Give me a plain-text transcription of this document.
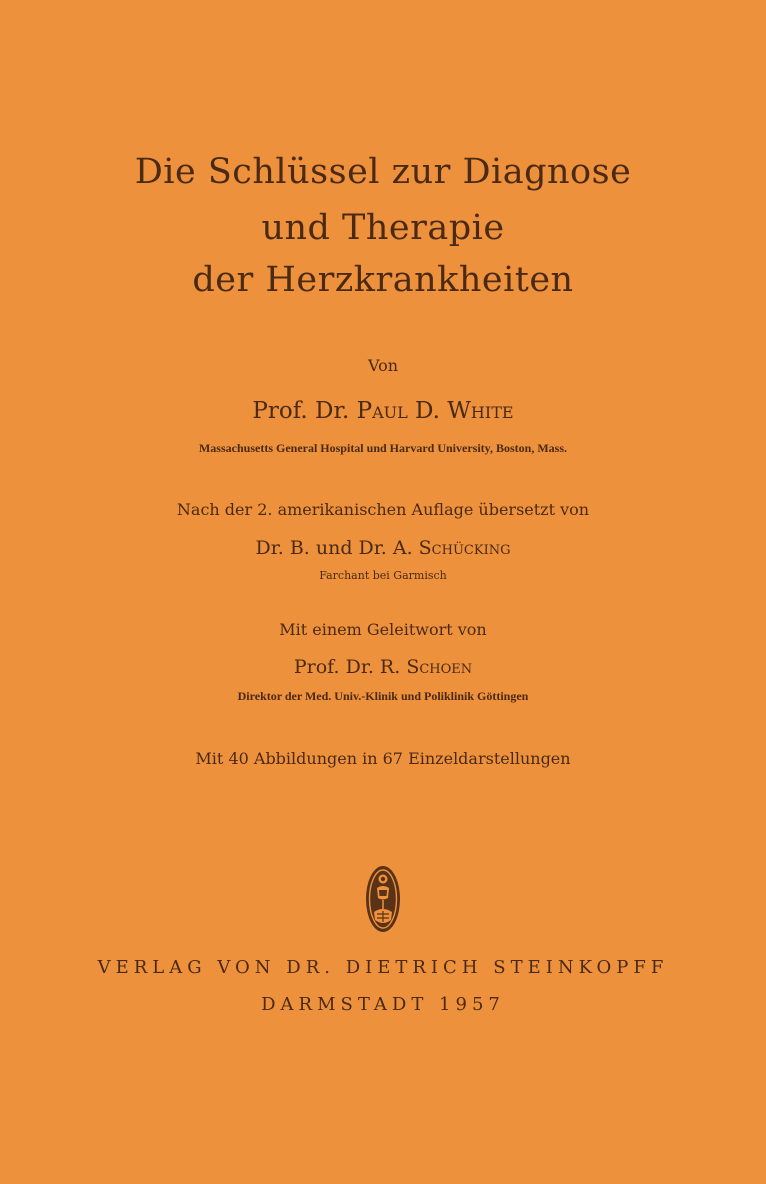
Die Schlüssel zur Diagnose
und Therapie
der Herzkrankheiten
Von
Prof. Dr. Paul D. White
Massachusetts General Hospital und Harvard University, Boston, Mass.
Nach der 2. amerikanischen Auflage übersetzt von
Dr. B. und Dr. A. Schücking
Farchant bei Garmisch
Mit einem Geleitwort von
Prof. Dr. R. Schoen
Direktor der Med. Univ.-Klinik und Poliklinik Göttingen
Mit 40 Abbildungen in 67 Einzeldarstellungen
VERLAG VON DR. DIETRICH STEINKOPFF
DARMSTADT 1957
